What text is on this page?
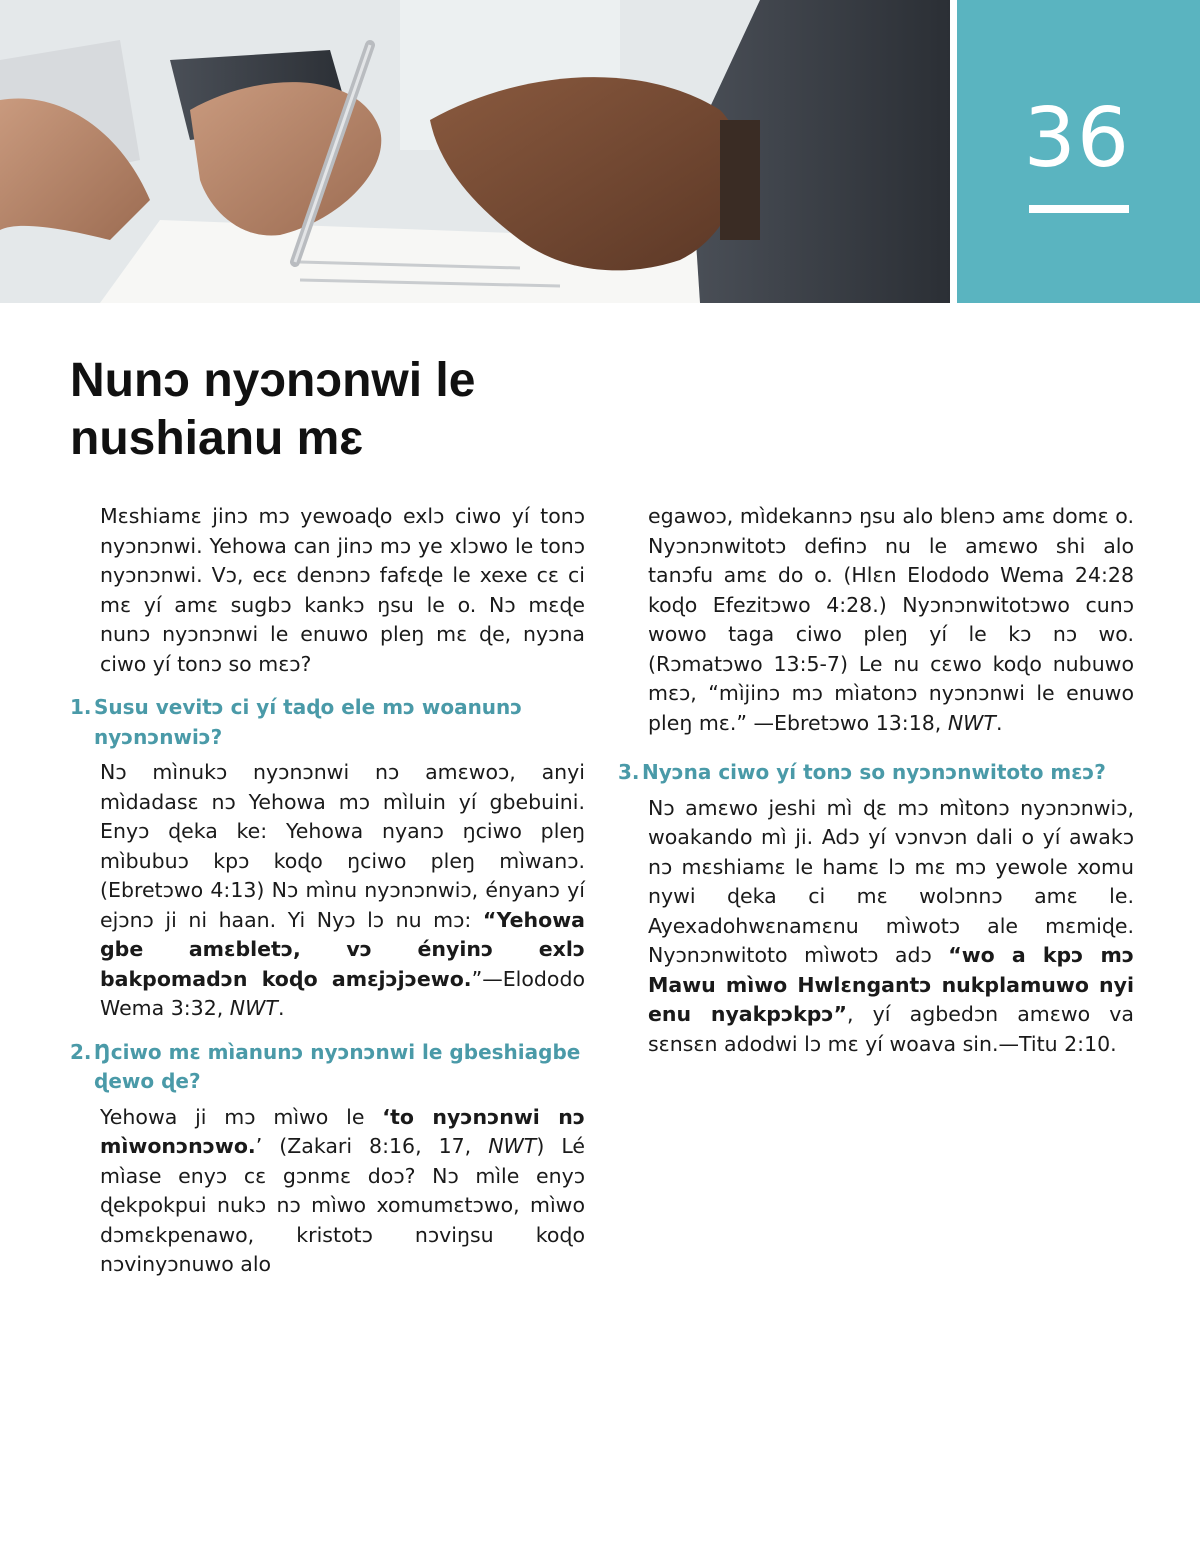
36
Nunɔ nyɔnɔnwi le
nushianu mɛ

Mɛshiamɛ jinɔ mɔ yewoaɖo exlɔ ciwo yí tonɔ nyɔnɔnwi. Yehowa can jinɔ mɔ ye xlɔwo le tonɔ nyɔnɔnwi. Vɔ, ecɛ denɔnɔ fafɛɖe le xexe cɛ ci mɛ yí amɛ sugbɔ kankɔ ŋsu le o. Nɔ mɛɖe nunɔ nyɔnɔnwi le enuwo pleŋ mɛ ɖe, nyɔna ciwo yí tonɔ so mɛɔ?

1. Susu vevitɔ ci yí taɖo ele mɔ woanunɔ nyɔnɔnwiɔ?

Nɔ mìnukɔ nyɔnɔnwi nɔ amɛwoɔ, anyi mìdadasɛ nɔ Yehowa mɔ mìluin yí gbebuini. Enyɔ ɖeka ke: Yehowa nyanɔ ŋciwo pleŋ mìbubuɔ kpɔ koɖo ŋciwo pleŋ mìwanɔ. (Ebretɔwo 4:13) Nɔ mìnu nyɔnɔnwiɔ, ényanɔ yí ejɔnɔ ji ni haan. Yi Nyɔ lɔ nu mɔ: “Yehowa gbe amɛbletɔ, vɔ ényinɔ exlɔ bakpomadɔn koɖo amɛjɔjɔewo.”—Elododo Wema 3:32, NWT.

2. Ŋciwo mɛ mìanunɔ nyɔnɔnwi le gbeshiagbe ɖewo ɖe?

Yehowa ji mɔ mìwo le ‘to nyɔnɔnwi nɔ mìwonɔnɔwo.’ (Zakari 8:16, 17, NWT) Lé mìase enyɔ cɛ gɔnmɛ doɔ? Nɔ mìle enyɔ ɖekpokpui nukɔ nɔ mìwo xomumɛtɔwo, mìwo dɔmɛkpenawo, kristotɔ nɔviŋsu koɖo nɔvinyɔnuwo alo

egawoɔ, mìdekannɔ ŋsu alo blenɔ amɛ domɛ o. Nyɔnɔnwitotɔ definɔ nu le amɛwo shi alo tanɔfu amɛ do o. (Hlɛn Elododo Wema 24:28 koɖo Efezitɔwo 4:28.) Nyɔnɔnwitotɔwo cunɔ wowo taga ciwo pleŋ yí le kɔ nɔ wo. (Rɔmatɔwo 13:5-7) Le nu cɛwo koɖo nubuwo mɛɔ, “mìjinɔ mɔ mìatonɔ nyɔnɔnwi le enuwo pleŋ mɛ.” —Ebretɔwo 13:18, NWT.

3. Nyɔna ciwo yí tonɔ so nyɔnɔnwitoto mɛɔ?

Nɔ amɛwo jeshi mì ɖɛ mɔ mìtonɔ nyɔnɔnwiɔ, woakando mì ji. Adɔ yí vɔnvɔn dali o yí awakɔ nɔ mɛshiamɛ le hamɛ lɔ mɛ mɔ yewole xomu nywi ɖeka ci mɛ wolɔnnɔ amɛ le. Ayexadohwɛnamɛnu mìwotɔ ale mɛmiɖe. Nyɔnɔnwitoto mìwotɔ adɔ “wo a kpɔ mɔ Mawu mìwo Hwlɛngantɔ nukplamuwo nyi enu nyakpɔkpɔ”, yí agbedɔn amɛwo va sɛnsɛn adodwi lɔ mɛ yí woava sin.—Titu 2:10.
